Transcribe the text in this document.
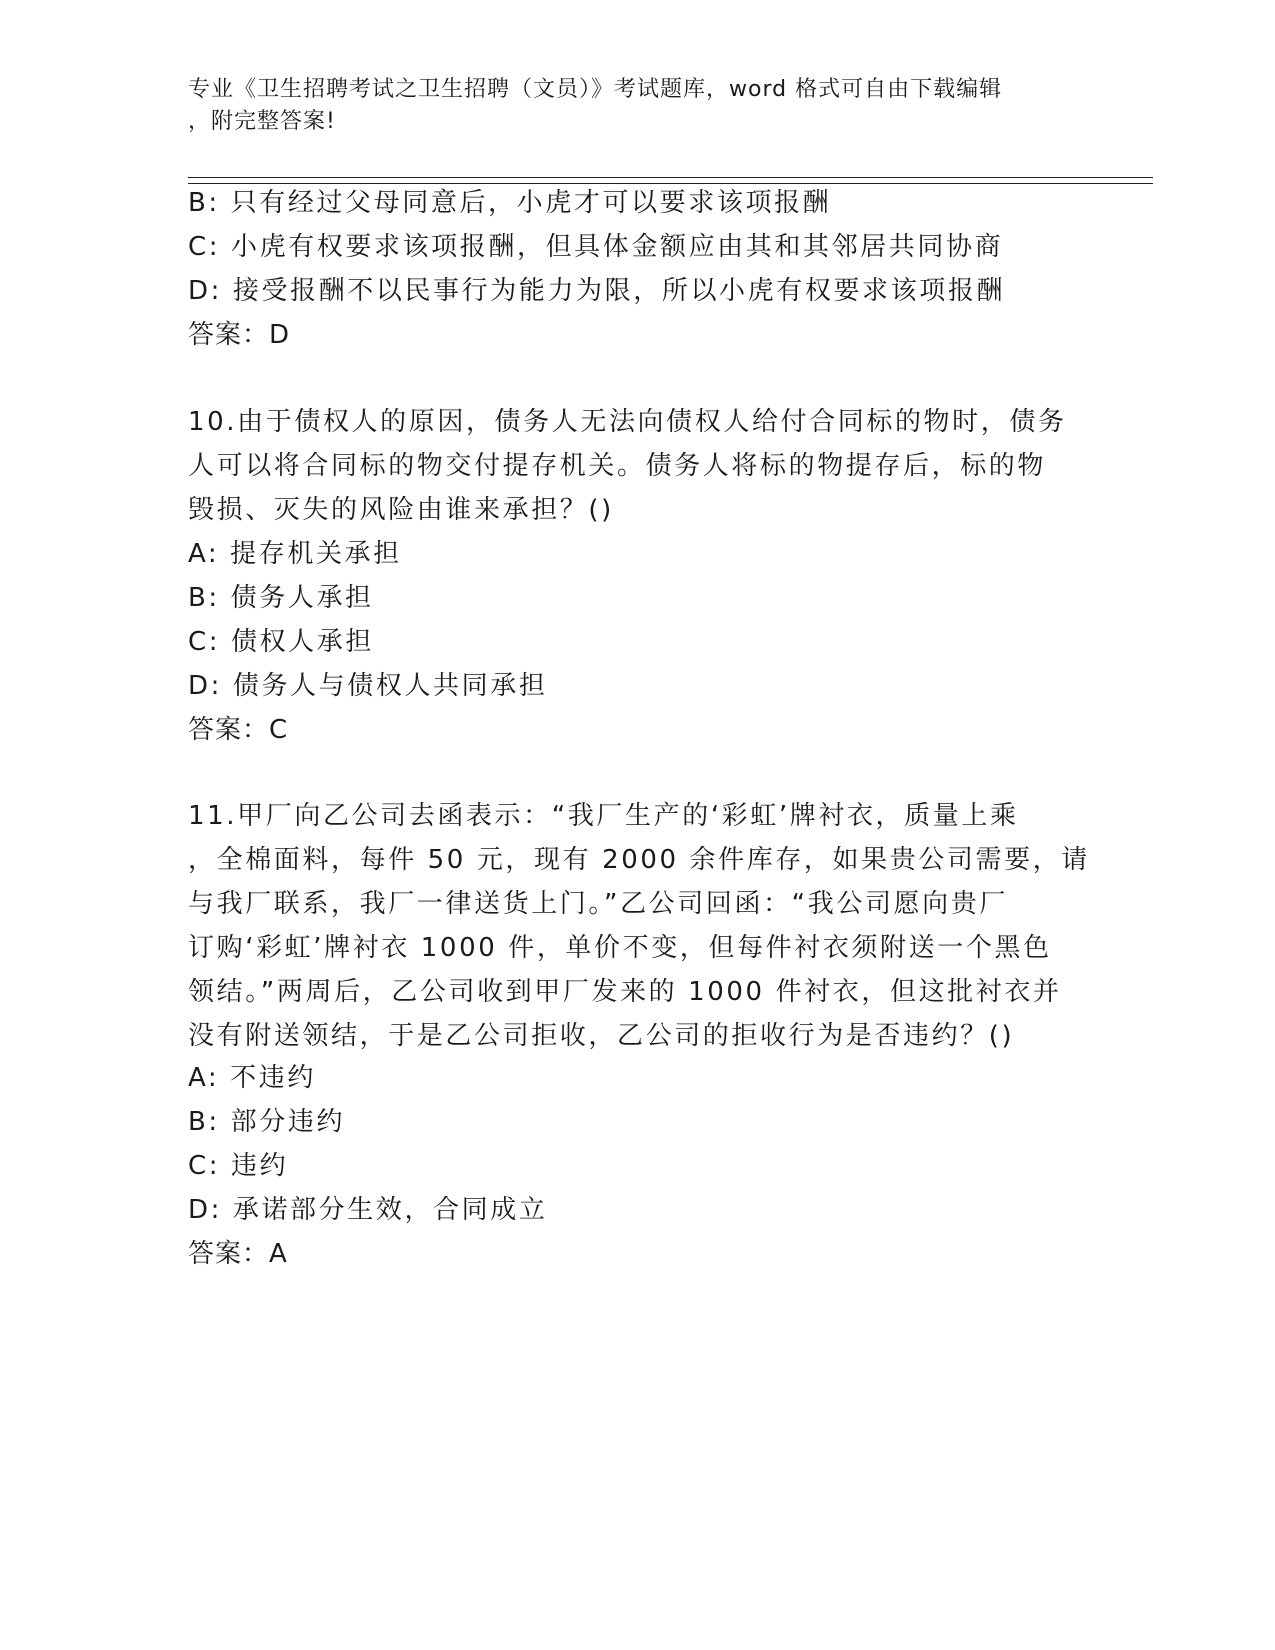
专业《卫生招聘考试之卫生招聘（文员）》考试题库，word 格式可自由下载编辑
，附完整答案!
B: 只有经过父母同意后，小虎才可以要求该项报酬
C: 小虎有权要求该项报酬，但具体金额应由其和其邻居共同协商
D: 接受报酬不以民事行为能力为限，所以小虎有权要求该项报酬
答案：D
10.由于债权人的原因，债务人无法向债权人给付合同标的物时，债务
人可以将合同标的物交付提存机关。债务人将标的物提存后，标的物
毁损、灭失的风险由谁来承担？()
A: 提存机关承担
B: 债务人承担
C: 债权人承担
D: 债务人与债权人共同承担
答案：C
11.甲厂向乙公司去函表示：“我厂生产的‘彩虹’牌衬衣，质量上乘
，全棉面料，每件 50 元，现有 2000 余件库存，如果贵公司需要，请
与我厂联系，我厂一律送货上门。”乙公司回函：“我公司愿向贵厂
订购‘彩虹’牌衬衣 1000 件，单价不变，但每件衬衣须附送一个黑色
领结。”两周后，乙公司收到甲厂发来的 1000 件衬衣，但这批衬衣并
没有附送领结，于是乙公司拒收，乙公司的拒收行为是否违约？()
A: 不违约
B: 部分违约
C: 违约
D: 承诺部分生效，合同成立
答案：A
